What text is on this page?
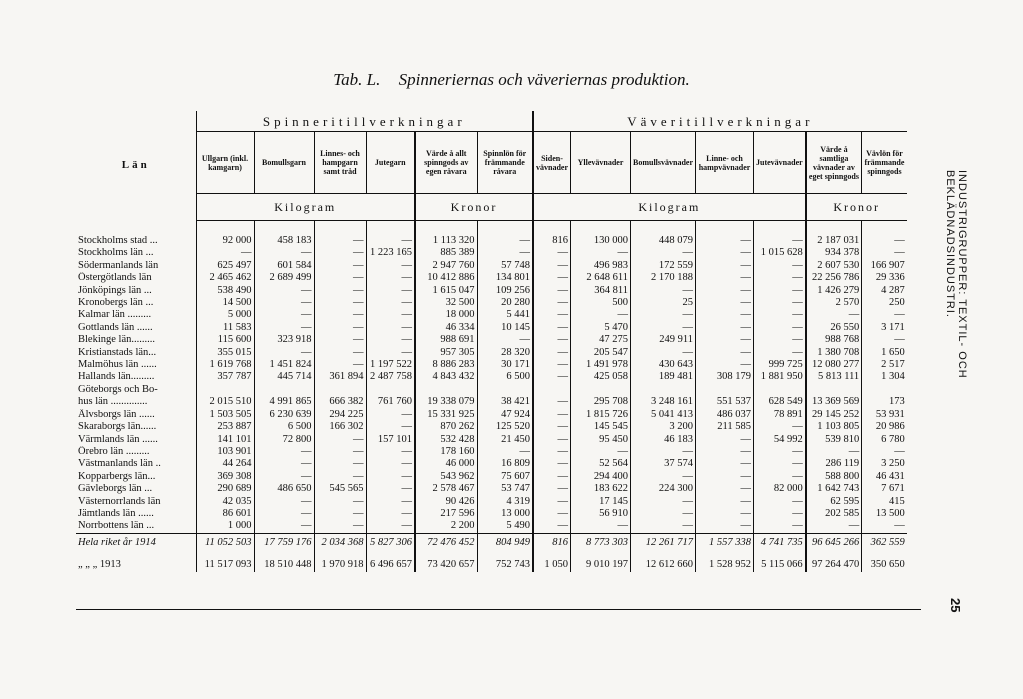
Tab. L. Spinneriernas och väveriernas produktion.
Län	Spinneritillverkningar						Väveritillverkningar						
	Ullgarn (inkl. kamgarn)	Bomullsgarn	Linnes- och hampgarn samt tråd	Jutegarn	Värde å allt spinngods av egen råvara	Spinnlön för främmande råvara	Siden-vävnader	Yllevävnader	Bomullsvävnader	Linne- och hampvävnader	Jutevävnader	Värde å samtliga vävnader av eget spinngods	Vävlön för främmande spinngods
	Kilogram				Kronor		Kilogram					Kronor	
Stockholms stad ...	92 000	458 183	—	—	1 113 320	—	816	130 000	448 079	—	—	2 187 031	—
Stockholms län ...	—	—	—	1 223 165	885 389	—	—	—	—	—	1 015 628	934 378	—
Södermanlands län	625 497	601 584	—	—	2 947 760	57 748	—	496 983	172 559	—	—	2 607 530	166 907
Östergötlands län	2 465 462	2 689 499	—	—	10 412 886	134 801	—	2 648 611	2 170 188	—	—	22 256 786	29 336
Jönköpings län ...	538 490	—	—	—	1 615 047	109 256	—	364 811	—	—	—	1 426 279	4 287
Kronobergs län ...	14 500	—	—	—	32 500	20 280	—	500	25	—	—	2 570	250
Kalmar län .........	5 000	—	—	—	18 000	5 441	—	—	—	—	—	—	—
Gottlands län ......	11 583	—	—	—	46 334	10 145	—	5 470	—	—	—	26 550	3 171
Blekinge län.........	115 600	323 918	—	—	988 691	—	—	47 275	249 911	—	—	988 768	—
Kristianstads län...	355 015	—	—	—	957 305	28 320	—	205 547	—	—	—	1 380 708	1 650
Malmöhus län ......	1 619 768	1 451 824	—	1 197 522	8 886 283	30 171	—	1 491 978	430 643	—	999 725	12 080 277	2 517
Hallands län.........	357 787	445 714	361 894	2 487 758	4 843 432	6 500	—	425 058	189 481	308 179	1 881 950	5 813 111	1 304
Göteborgs och Bo-													
hus län ..............	2 015 510	4 991 865	666 382	761 760	19 338 079	38 421	—	295 708	3 248 161	551 537	628 549	13 369 569	173
Älvsborgs län ......	1 503 505	6 230 639	294 225	—	15 331 925	47 924	—	1 815 726	5 041 413	486 037	78 891	29 145 252	53 931
Skaraborgs län......	253 887	6 500	166 302	—	870 262	125 520	—	145 545	3 200	211 585	—	1 103 805	20 986
Värmlands län ......	141 101	72 800	—	157 101	532 428	21 450	—	95 450	46 183	—	54 992	539 810	6 780
Örebro län .........	103 901	—	—	—	178 160	—	—	—	—	—	—	—	—
Västmanlands län ..	44 264	—	—	—	46 000	16 809	—	52 564	37 574	—	—	286 119	3 250
Kopparbergs län...	369 308	—	—	—	543 962	75 607	—	294 400	—	—	—	588 800	46 431
Gävleborgs län ...	290 689	486 650	545 565	—	2 578 467	53 747	—	183 622	224 300	—	82 000	1 642 743	7 671
Västernorrlands län	42 035	—	—	—	90 426	4 319	—	17 145	—	—	—	62 595	415
Jämtlands län ......	86 601	—	—	—	217 596	13 000	—	56 910	—	—	—	202 585	13 500
Norrbottens län ...	1 000	—	—	—	2 200	5 490	—	—	—	—	—	—	—
Hela riket år 1914	11 052 503	17 759 176	2 034 368	5 827 306	72 476 452	804 949	816	8 773 303	12 261 717	1 557 338	4 741 735	96 645 266	362 559
„ „ „ 1913	11 517 093	18 510 448	1 970 918	6 496 657	73 420 657	752 743	1 050	9 010 197	12 612 660	1 528 952	5 115 066	97 264 470	350 650
INDUSTRIGRUPPER: TEXTIL- OCH BEKLÄDNADSINDUSTRI.
25
